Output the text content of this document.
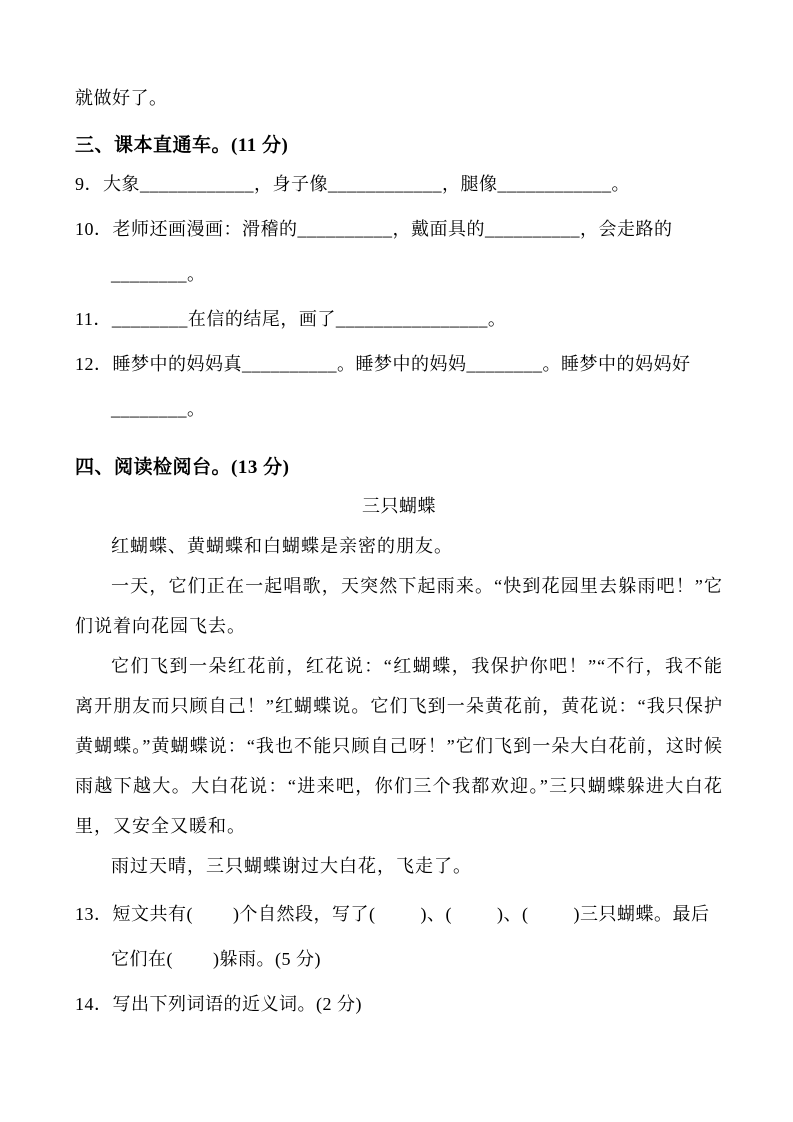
就做好了。

三、课本直通车。(11 分)

9．大象____________，身子像____________，腿像____________。

10．老师还画漫画：滑稽的__________，戴面具的__________，会走路的________。

11．________在信的结尾，画了________________。

12．睡梦中的妈妈真__________。睡梦中的妈妈________。睡梦中的妈妈好________。

四、阅读检阅台。(13 分)

三只蝴蝶

红蝴蝶、黄蝴蝶和白蝴蝶是亲密的朋友。

一天，它们正在一起唱歌，天突然下起雨来。“快到花园里去躲雨吧！”它们说着向花园飞去。

它们飞到一朵红花前，红花说：“红蝴蝶，我保护你吧！”“不行，我不能离开朋友而只顾自己！”红蝴蝶说。它们飞到一朵黄花前，黄花说：“我只保护黄蝴蝶。”黄蝴蝶说：“我也不能只顾自己呀！”它们飞到一朵大白花前，这时候雨越下越大。大白花说：“进来吧，你们三个我都欢迎。”三只蝴蝶躲进大白花里，又安全又暖和。

雨过天晴，三只蝴蝶谢过大白花，飞走了。

13．短文共有(        )个自然段，写了(         )、(         )、(         )三只蝴蝶。最后它们在(        )躲雨。(5 分)

14．写出下列词语的近义词。(2 分)
